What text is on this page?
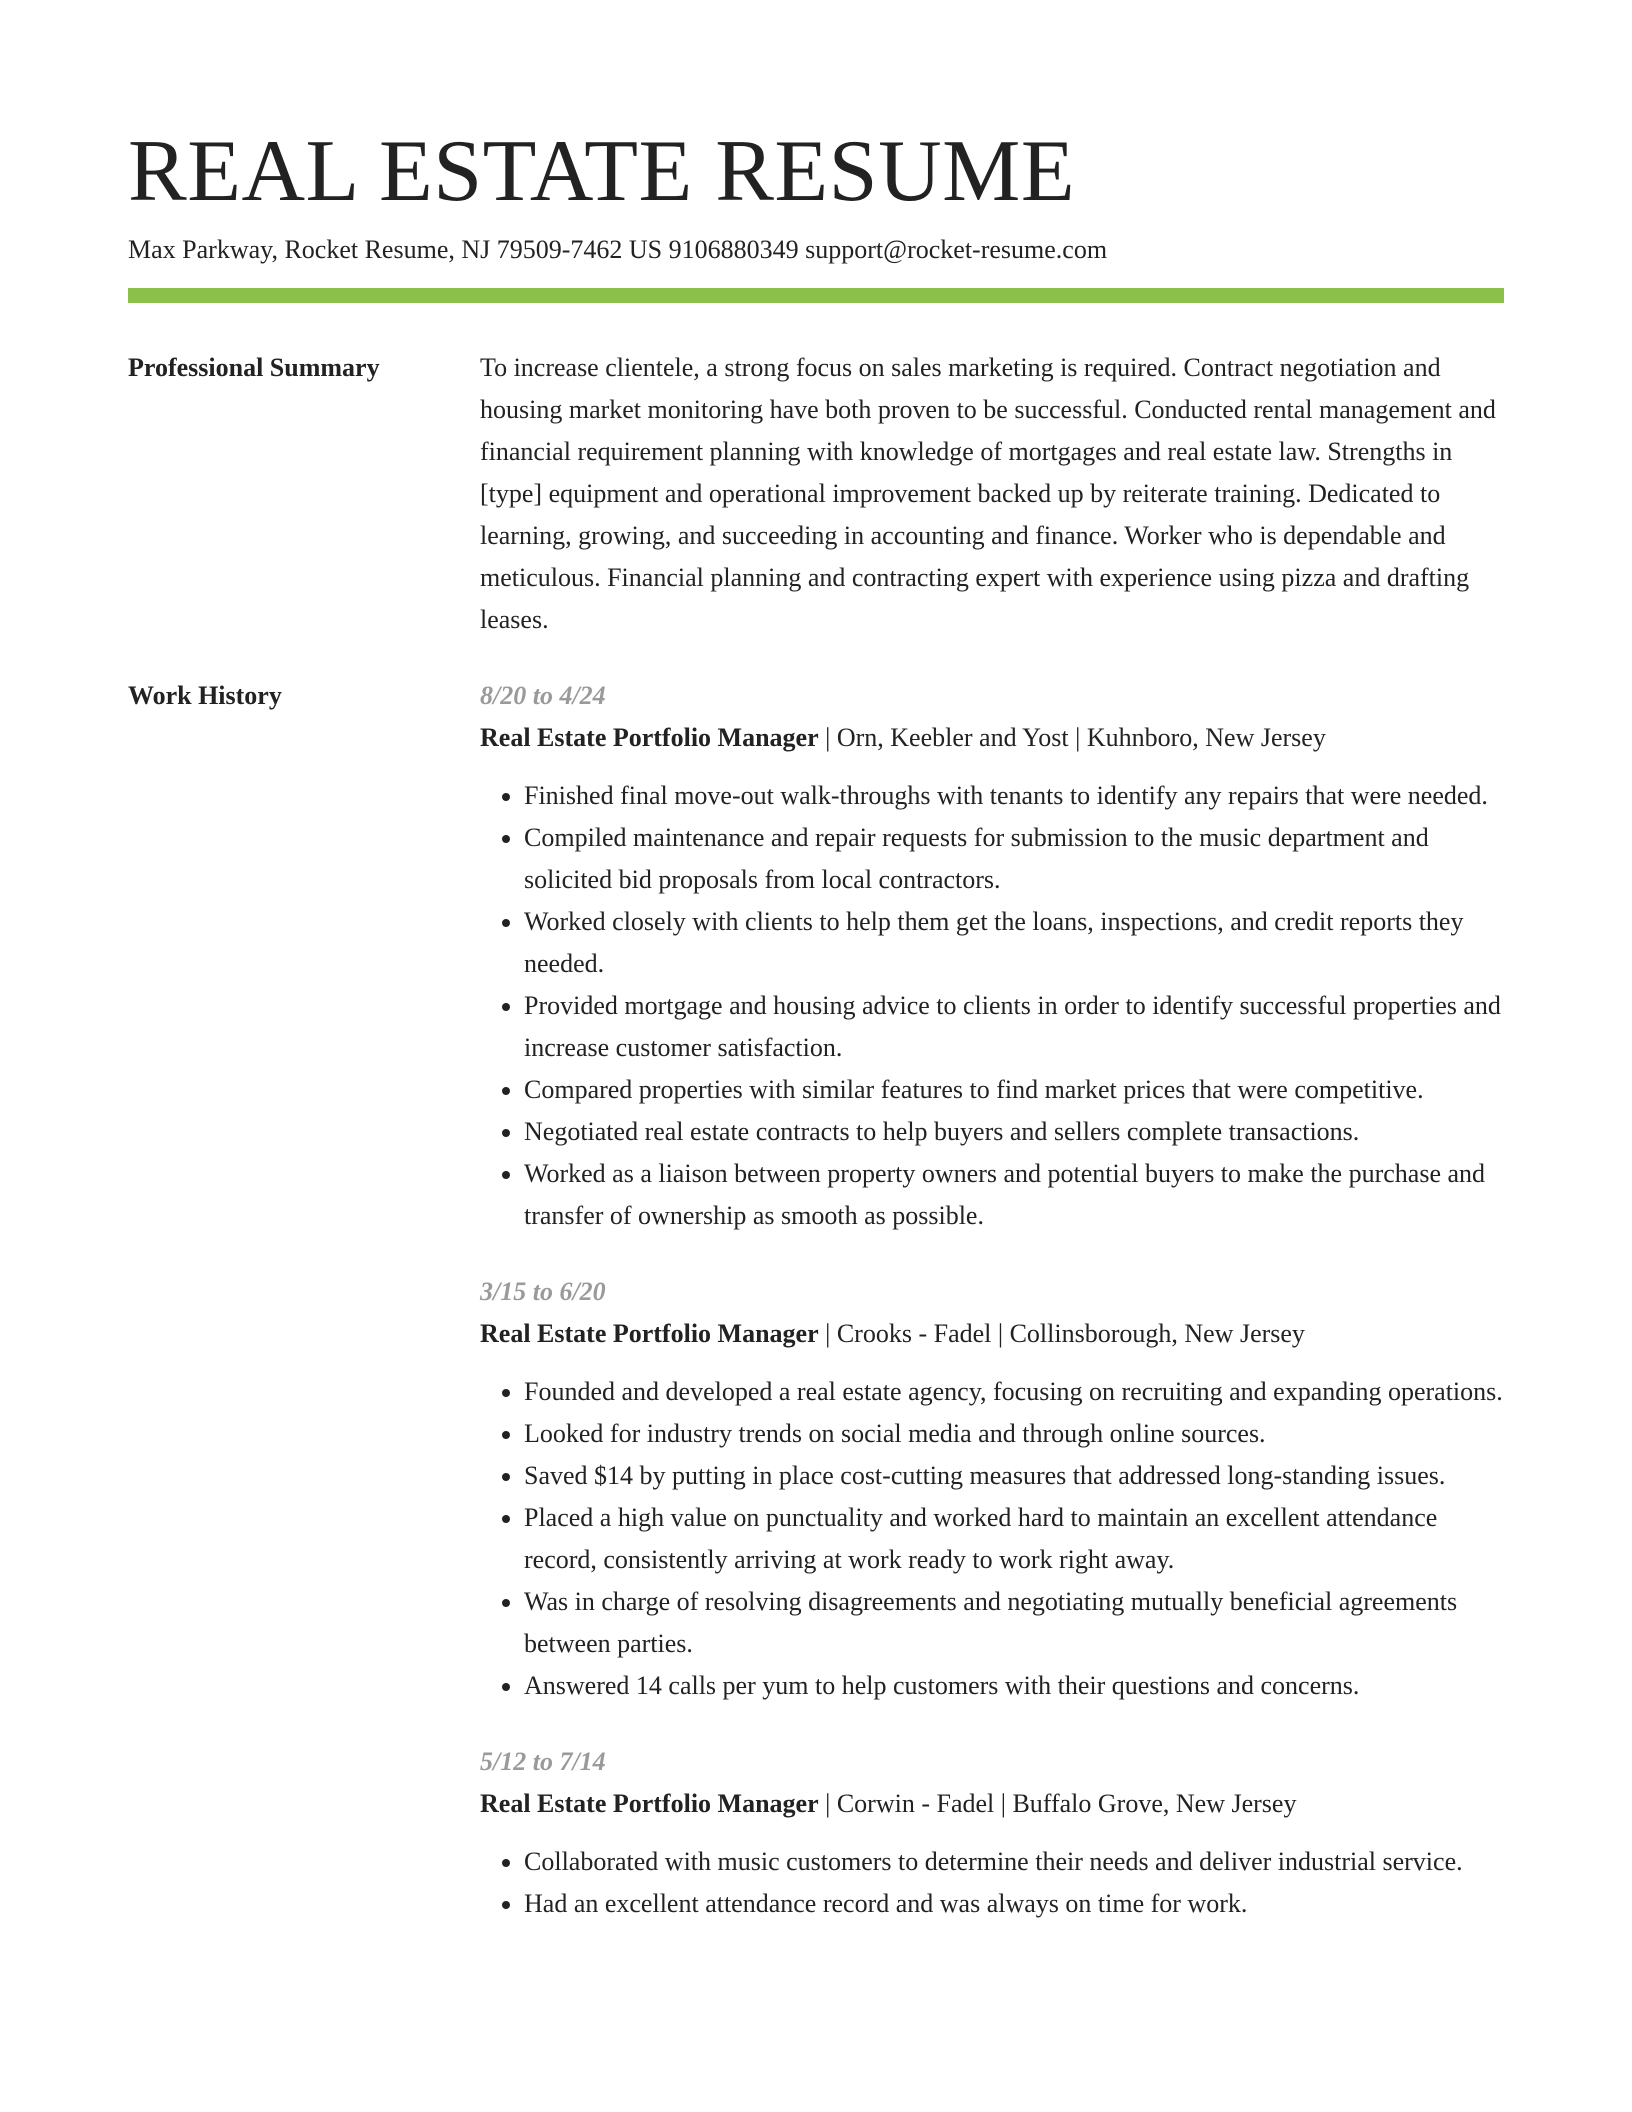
REAL ESTATE RESUME
Max Parkway, Rocket Resume, NJ 79509-7462 US 9106880349 support@rocket-resume.com
Professional Summary	To increase clientele, a strong focus on sales marketing is required. Contract negotiation and housing market monitoring have both proven to be successful. Conducted rental management and financial requirement planning with knowledge of mortgages and real estate law. Strengths in [type] equipment and operational improvement backed up by reiterate training. Dedicated to learning, growing, and succeeding in accounting and finance. Worker who is dependable and meticulous. Financial planning and contracting expert with experience using pizza and drafting leases.

Work History	8/20 to 4/24
Real Estate Portfolio Manager | Orn, Keebler and Yost | Kuhnboro, New Jersey
• Finished final move-out walk-throughs with tenants to identify any repairs that were needed.
• Compiled maintenance and repair requests for submission to the music department and solicited bid proposals from local contractors.
• Worked closely with clients to help them get the loans, inspections, and credit reports they needed.
• Provided mortgage and housing advice to clients in order to identify successful properties and increase customer satisfaction.
• Compared properties with similar features to find market prices that were competitive.
• Negotiated real estate contracts to help buyers and sellers complete transactions.
• Worked as a liaison between property owners and potential buyers to make the purchase and transfer of ownership as smooth as possible.
3/15 to 6/20
Real Estate Portfolio Manager | Crooks - Fadel | Collinsborough, New Jersey
• Founded and developed a real estate agency, focusing on recruiting and expanding operations.
• Looked for industry trends on social media and through online sources.
• Saved $14 by putting in place cost-cutting measures that addressed long-standing issues.
• Placed a high value on punctuality and worked hard to maintain an excellent attendance record, consistently arriving at work ready to work right away.
• Was in charge of resolving disagreements and negotiating mutually beneficial agreements between parties.
• Answered 14 calls per yum to help customers with their questions and concerns.
5/12 to 7/14
Real Estate Portfolio Manager | Corwin - Fadel | Buffalo Grove, New Jersey
• Collaborated with music customers to determine their needs and deliver industrial service.
• Had an excellent attendance record and was always on time for work.
